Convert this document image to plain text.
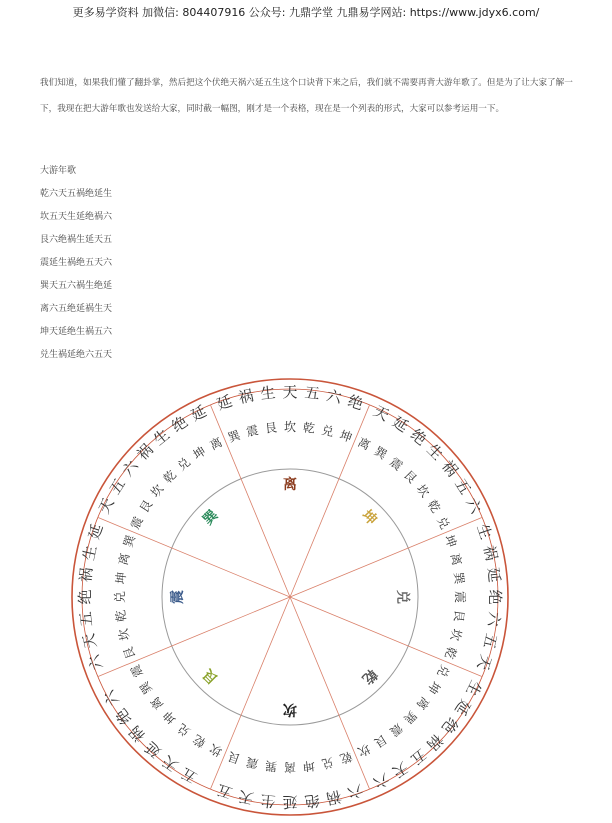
更多易学资料 加微信: 804407916 公众号: 九鼎学堂 九鼎易学网站: https://www.jdyx6.com/
我们知道，如果我们懂了翻卦掌，然后把这个伏绝天祸六延五生这个口诀背下来之后，我们就不需要再背大游年歌了。但是为了让大家了解一下，我现在把大游年歌也发送给大家，同时截一幅图，刚才是一个表格，现在是一个列表的形式，大家可以参考运用一下。
大游年歌
乾六天五祸绝延生
坎五天生延绝祸六
艮六绝祸生延天五
震延生祸绝五天六
巽天五六祸生绝延
离六五绝延祸生天
坤天延绝生祸五六
兑生祸延绝六五天
延 祸 生 天 五 六 绝
巽 震 艮 坎 乾 兑 坤
离
天
延
绝
生
祸
五
六
离
巽
震
艮
坎
乾
兑
坤
生
祸
延
绝
六
五
天
坤
离
巽
震
艮
坎
乾
兑
生
延
绝
祸
五
天
六
兑
坤
离
巽
震
艮
坎
乾
六
祸
绝
延
生
天
五
乾
兑
坤
离
巽
震
艮
坎
五
天
延
祸
绝
六
坎
乾
兑
坤
离
巽
震	艮
六
天
五
绝
祸
生
延
艮
坎
乾
兑
坤
离
巽
震
天
五
六
祸
生
绝
延
震
艮
坎
乾
兑
坤
离
巽
